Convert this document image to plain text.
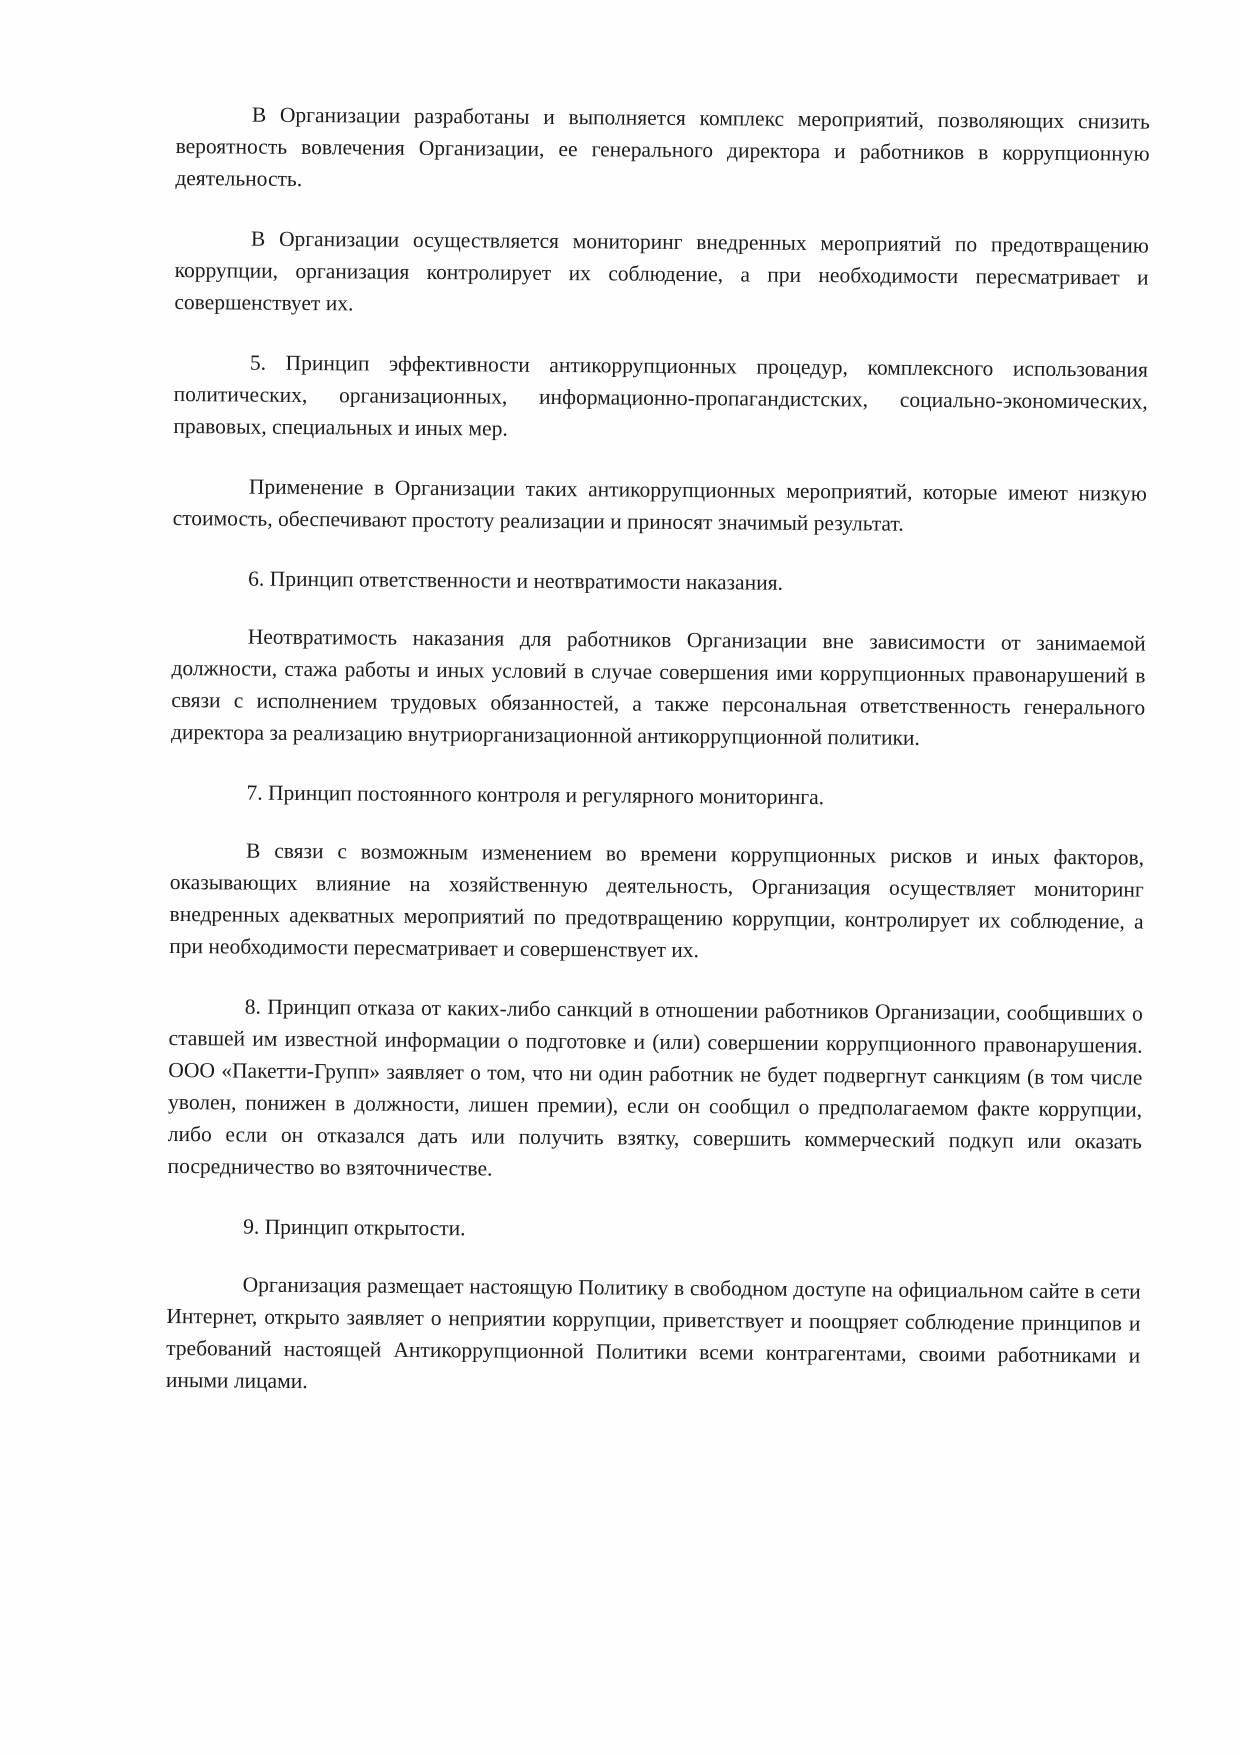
В Организации разработаны и выполняется комплекс мероприятий, позволяющих снизить вероятность вовлечения Организации, ее генерального директора и работников в коррупционную деятельность.

В Организации осуществляется мониторинг внедренных мероприятий по предотвращению коррупции, организация контролирует их соблюдение, а при необходимости пересматривает и совершенствует их.

5. Принцип эффективности антикоррупционных процедур, комплексного использования политических, организационных, информационно-пропагандистских, социально-экономических, правовых, специальных и иных мер.

Применение в Организации таких антикоррупционных мероприятий, которые имеют низкую стоимость, обеспечивают простоту реализации и приносят значимый результат.

6. Принцип ответственности и неотвратимости наказания.

Неотвратимость наказания для работников Организации вне зависимости от занимаемой должности, стажа работы и иных условий в случае совершения ими коррупционных правонарушений в связи с исполнением трудовых обязанностей, а также персональная ответственность генерального директора за реализацию внутриорганизационной антикоррупционной политики.

7. Принцип постоянного контроля и регулярного мониторинга.

В связи с возможным изменением во времени коррупционных рисков и иных факторов, оказывающих влияние на хозяйственную деятельность, Организация осуществляет мониторинг внедренных адекватных мероприятий по предотвращению коррупции, контролирует их соблюдение, а при необходимости пересматривает и совершенствует их.

8. Принцип отказа от каких-либо санкций в отношении работников Организации, сообщивших о ставшей им известной информации о подготовке и (или) совершении коррупционного правонарушения. ООО «Пакетти-Групп» заявляет о том, что ни один работник не будет подвергнут санкциям (в том числе уволен, понижен в должности, лишен премии), если он сообщил о предполагаемом факте коррупции, либо если он отказался дать или получить взятку, совершить коммерческий подкуп или оказать посредничество во взяточничестве.

9. Принцип открытости.

Организация размещает настоящую Политику в свободном доступе на официальном сайте в сети Интернет, открыто заявляет о неприятии коррупции, приветствует и поощряет соблюдение принципов и требований настоящей Антикоррупционной Политики всеми контрагентами, своими работниками и иными лицами.
